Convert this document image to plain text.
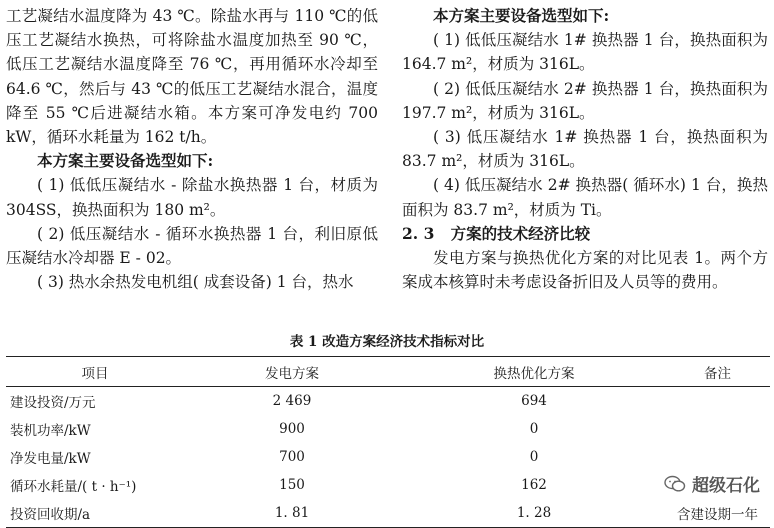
工艺凝结水温度降为 43 ℃。除盐水再与 110 ℃的低压工艺凝结水换热，可将除盐水温度加热至 90 ℃，低压工艺凝结水温度降至 76 ℃，再用循环水冷却至 64.6 ℃，然后与 43 ℃的低压工艺凝结水混合，温度降至 55 ℃后进凝结水箱。本方案可净发电约 700 kW，循环水耗量为 162 t/h。

本方案主要设备选型如下:

( 1) 低低压凝结水 - 除盐水换热器 1 台，材质为 304SS，换热面积为 180 m²。

( 2) 低压凝结水 - 循环水换热器 1 台，利旧原低压凝结水冷却器 E - 02。

( 3) 热水余热发电机组( 成套设备) 1 台，热水

本方案主要设备选型如下:

( 1) 低低压凝结水 1# 换热器 1 台，换热面积为 164.7 m²，材质为 316L。

( 2) 低低压凝结水 2# 换热器 1 台，换热面积为 197.7 m²，材质为 316L。

( 3) 低压凝结水 1# 换热器 1 台，换热面积为 83.7 m²，材质为 316L。

( 4) 低压凝结水 2# 换热器( 循环水) 1 台，换热面积为 83.7 m²，材质为 Ti。

2. 3 方案的技术经济比较

发电方案与换热优化方案的对比见表 1。两个方案成本核算时未考虑设备折旧及人员等的费用。

表 1 改造方案经济技术指标对比
项目	发电方案	换热优化方案	备注
建设投资/万元	2 469	694	
装机功率/kW	900	0	
净发电量/kW	700	0	
循环水耗量/( t · h⁻¹)	150	162	
投资回收期/a	1. 81	1. 28	含建设期一年
超级石化
